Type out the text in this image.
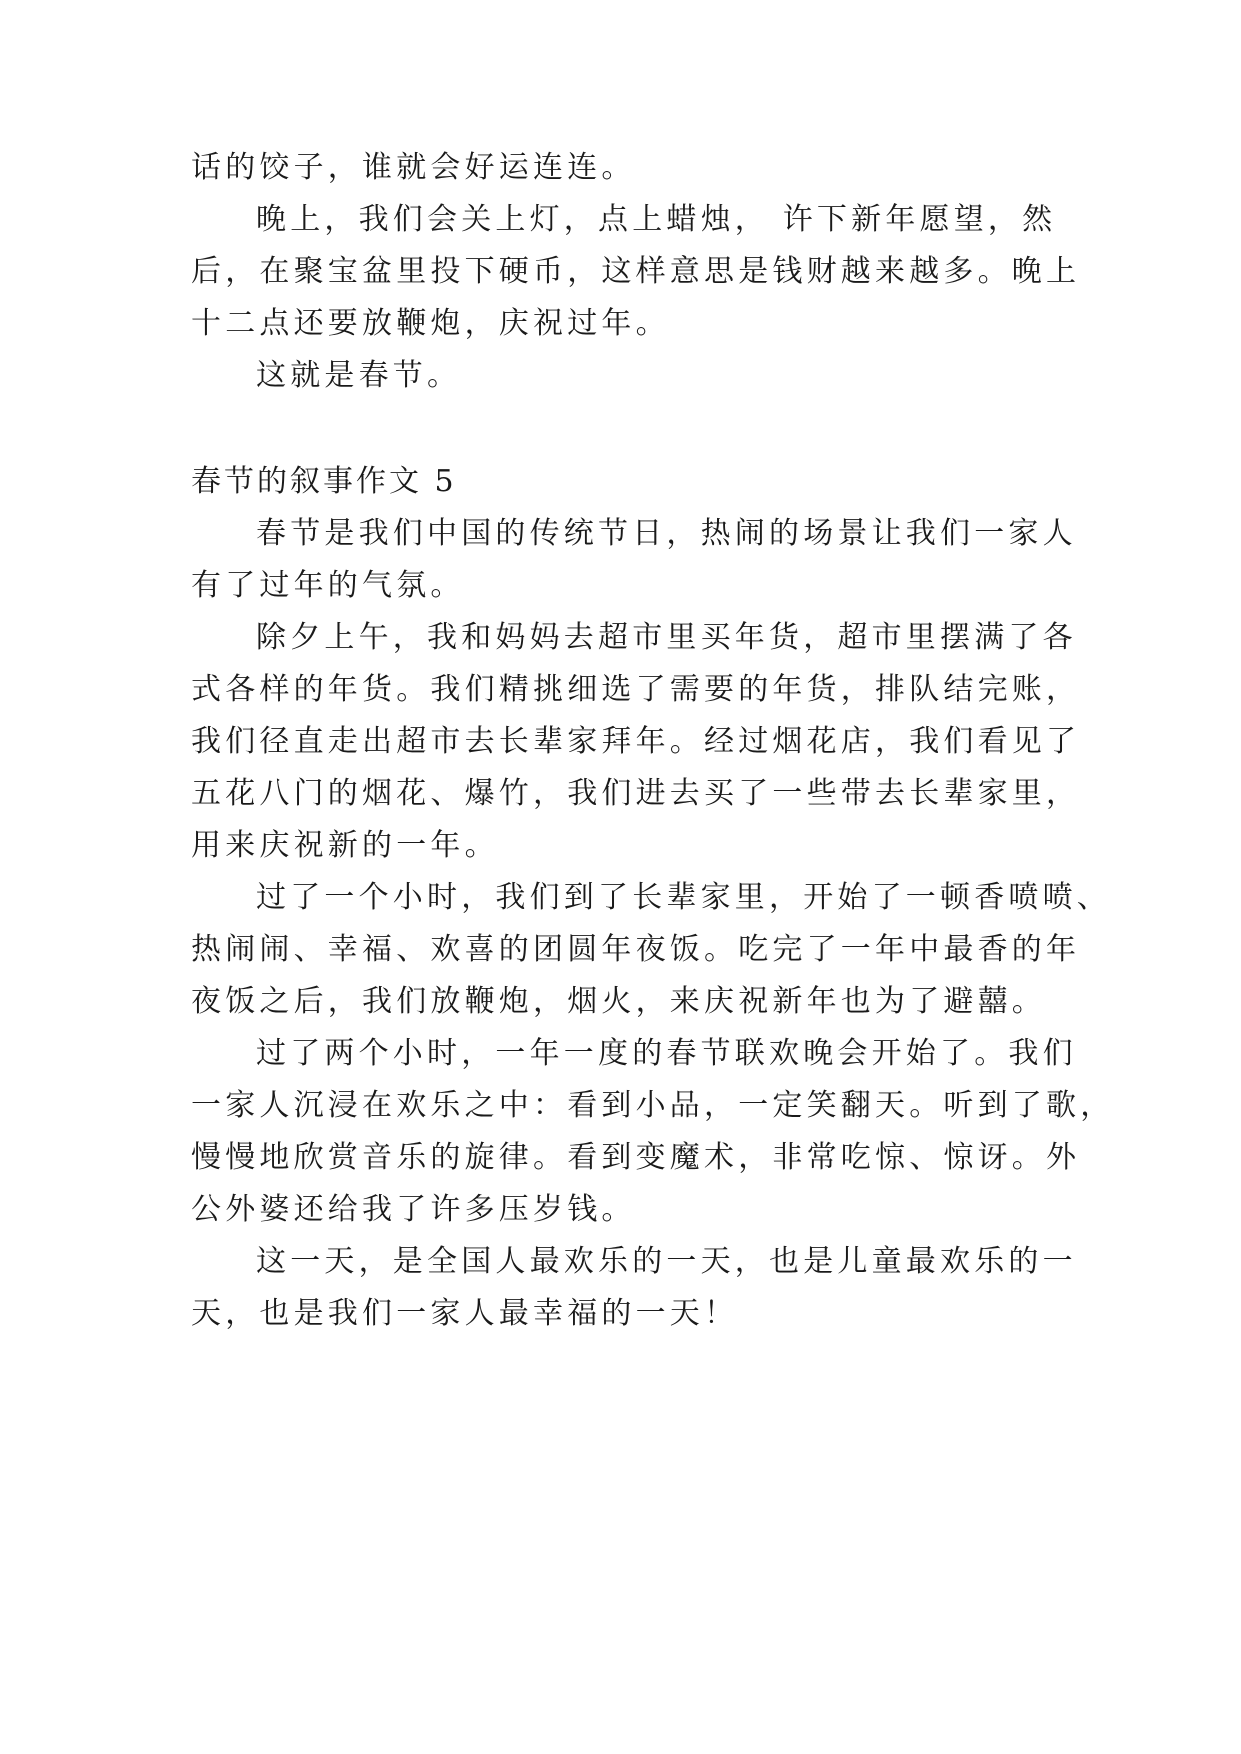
话的饺子，谁就会好运连连。
晚上，我们会关上灯，点上蜡烛， 许下新年愿望，然
后，在聚宝盆里投下硬币，这样意思是钱财越来越多。晚上
十二点还要放鞭炮，庆祝过年。
这就是春节。
春节的叙事作文 5
春节是我们中国的传统节日，热闹的场景让我们一家人
有了过年的气氛。
除夕上午，我和妈妈去超市里买年货，超市里摆满了各
式各样的年货。我们精挑细选了需要的年货，排队结完账，
我们径直走出超市去长辈家拜年。经过烟花店，我们看见了
五花八门的烟花、爆竹，我们进去买了一些带去长辈家里，
用来庆祝新的一年。
过了一个小时，我们到了长辈家里，开始了一顿香喷喷、
热闹闹、幸福、欢喜的团圆年夜饭。吃完了一年中最香的年
夜饭之后，我们放鞭炮，烟火，来庆祝新年也为了避囍。
过了两个小时，一年一度的春节联欢晚会开始了。我们
一家人沉浸在欢乐之中：看到小品，一定笑翻天。听到了歌，
慢慢地欣赏音乐的旋律。看到变魔术，非常吃惊、惊讶。外
公外婆还给我了许多压岁钱。
这一天，是全国人最欢乐的一天，也是儿童最欢乐的一
天，也是我们一家人最幸福的一天！
